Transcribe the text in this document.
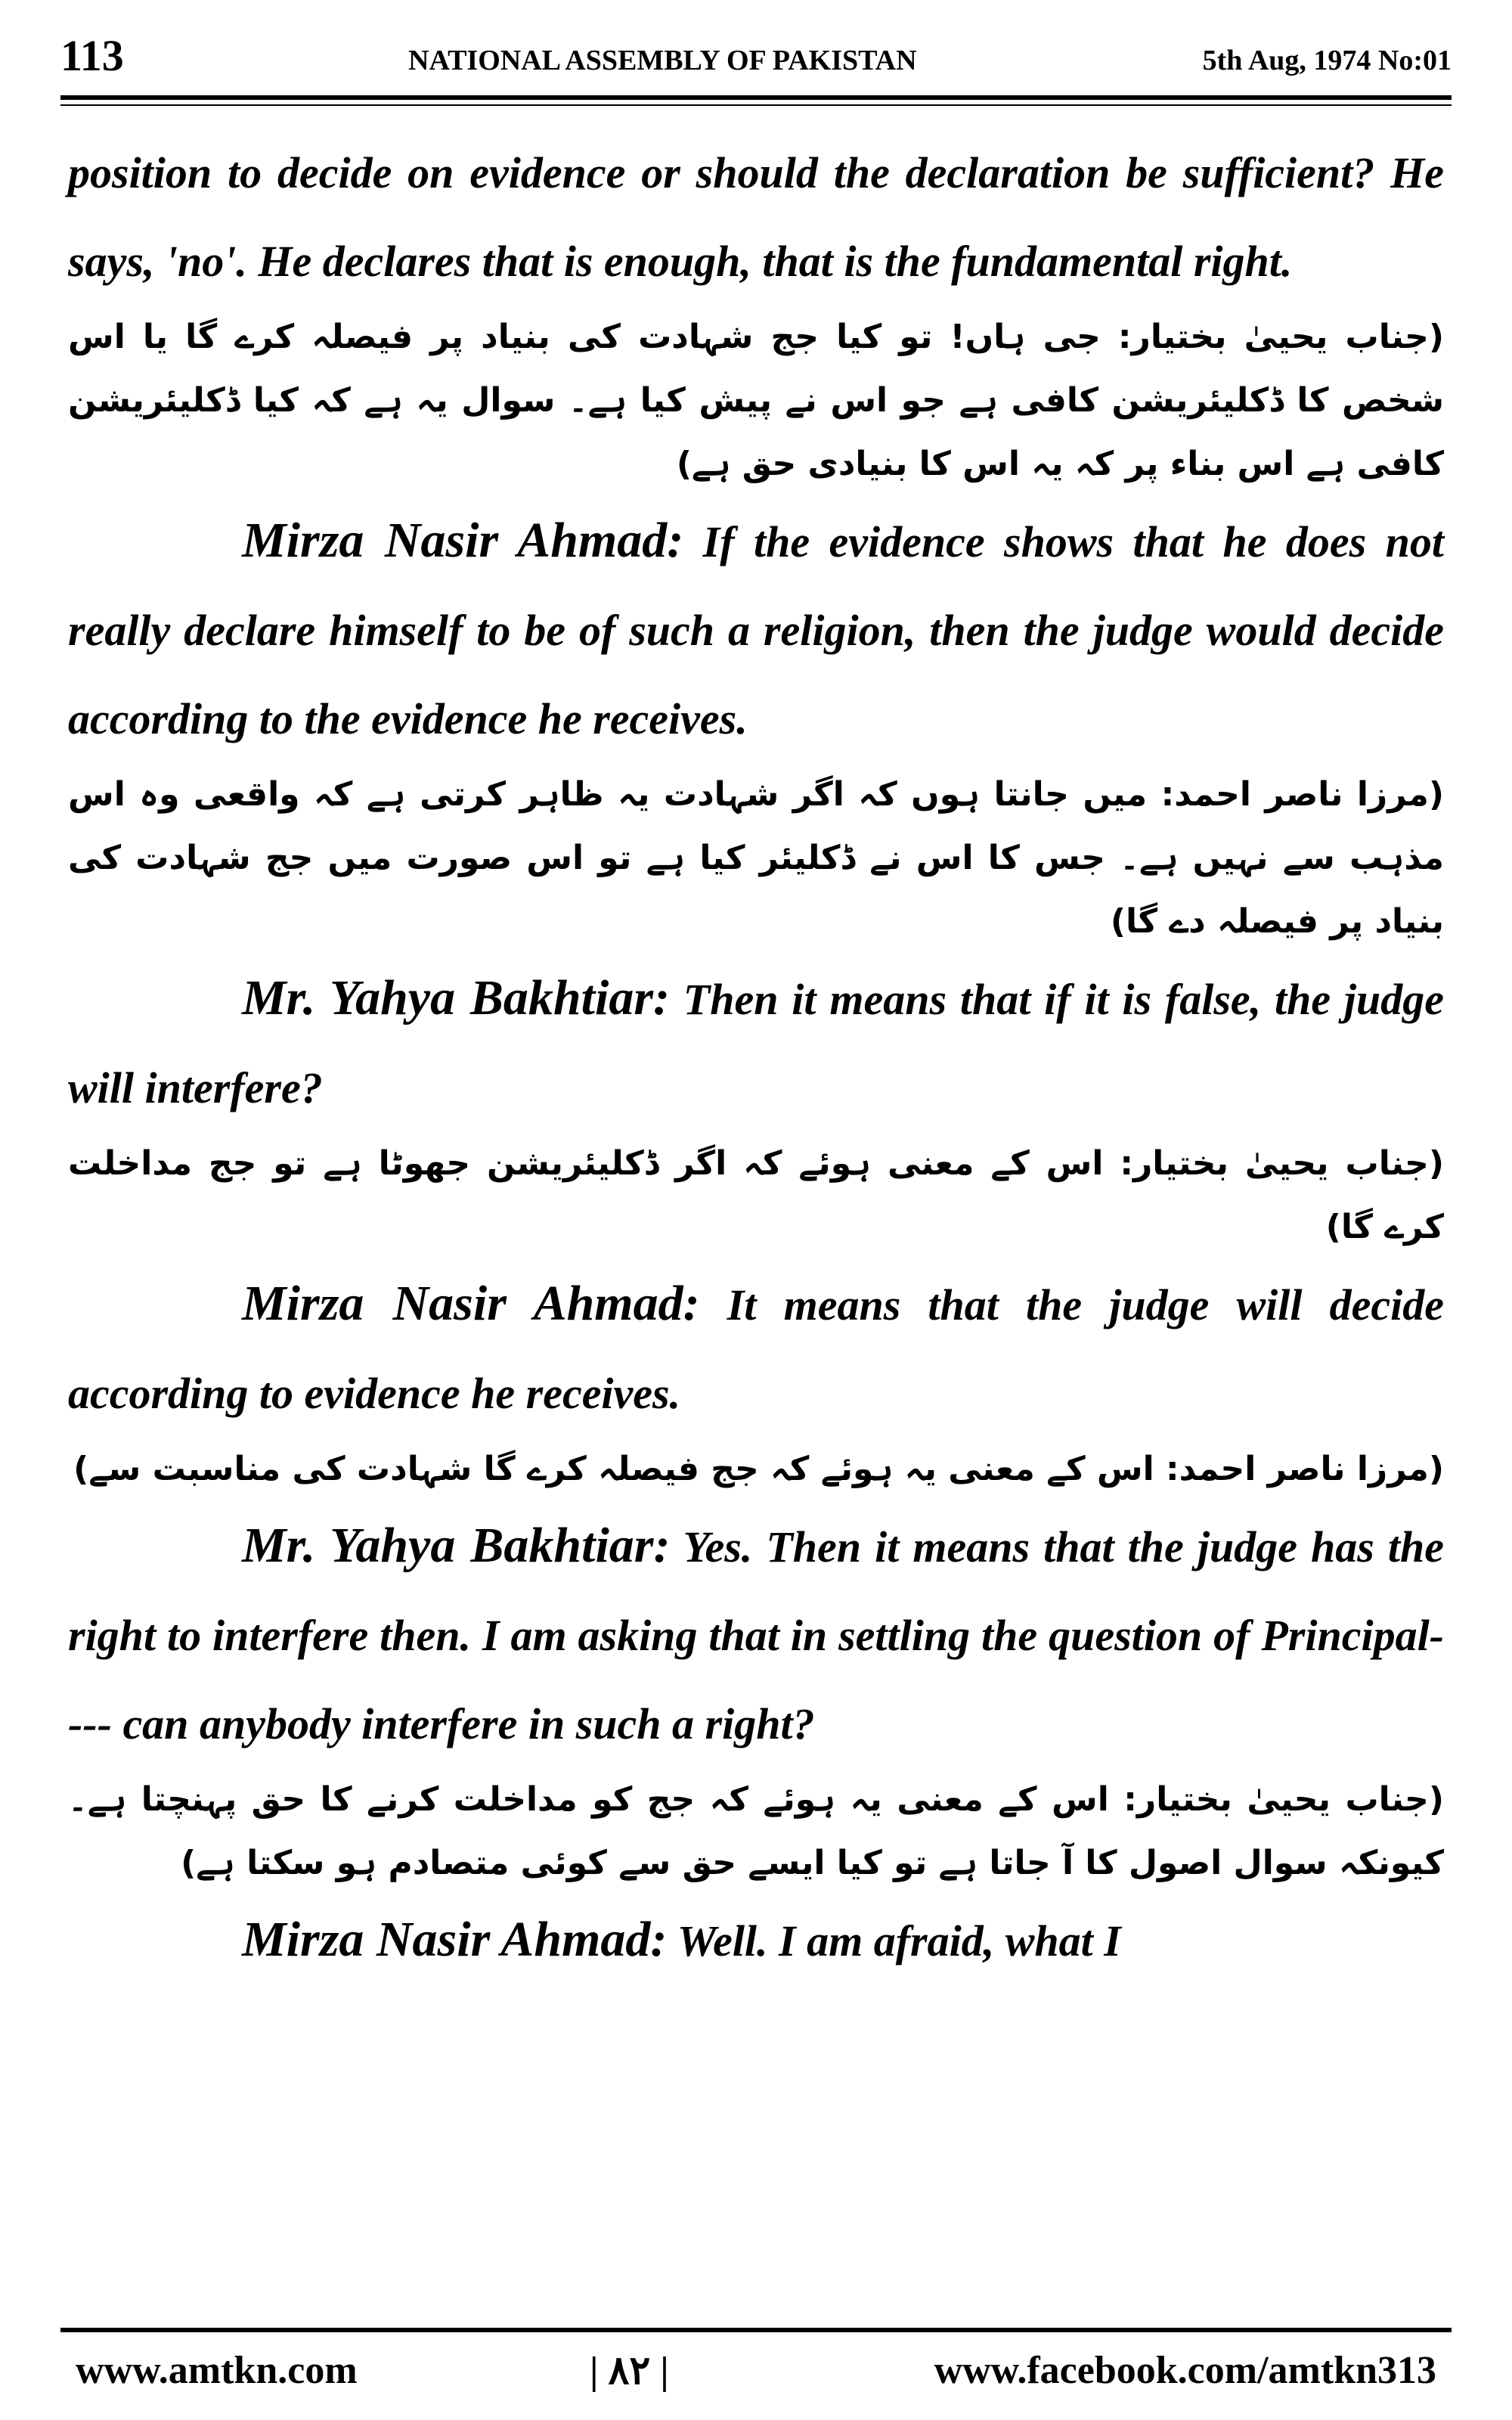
113	NATIONAL ASSEMBLY OF PAKISTAN	5th Aug, 1974 No:01

position to decide on evidence or should the declaration be sufficient? He says, 'no'. He declares that is enough, that is the fundamental right.

(جناب یحییٰ بختیار: جی ہاں! تو کیا جج شہادت کی بنیاد پر فیصلہ کرے گا یا اس شخص کا ڈکلیئریشن کافی ہے جو اس نے پیش کیا ہے۔ سوال یہ ہے کہ کیا ڈکلیئریشن کافی ہے اس بناء پر کہ یہ اس کا بنیادی حق ہے)

Mirza Nasir Ahmad: If the evidence shows that he does not really declare himself to be of such a religion, then the judge would decide according to the evidence he receives.

(مرزا ناصر احمد: میں جانتا ہوں کہ اگر شہادت یہ ظاہر کرتی ہے کہ واقعی وہ اس مذہب سے نہیں ہے۔ جس کا اس نے ڈکلیئر کیا ہے تو اس صورت میں جج شہادت کی بنیاد پر فیصلہ دے گا)

Mr. Yahya Bakhtiar: Then it means that if it is false, the judge will interfere?

(جناب یحییٰ بختیار: اس کے معنی ہوئے کہ اگر ڈکلیئریشن جھوٹا ہے تو جج مداخلت کرے گا)

Mirza Nasir Ahmad: It means that the judge will decide according to evidence he receives.

(مرزا ناصر احمد: اس کے معنی یہ ہوئے کہ جج فیصلہ کرے گا شہادت کی مناسبت سے)

Mr. Yahya Bakhtiar: Yes. Then it means that the judge has the right to interfere then. I am asking that in settling the question of Principal---- can anybody interfere in such a right?

(جناب یحییٰ بختیار: اس کے معنی یہ ہوئے کہ جج کو مداخلت کرنے کا حق پہنچتا ہے۔ کیونکہ سوال اصول کا آ جاتا ہے تو کیا ایسے حق سے کوئی متصادم ہو سکتا ہے)

Mirza Nasir Ahmad: Well. I am afraid, what I

www.amtkn.com	| ۸۲ |	www.facebook.com/amtkn313
